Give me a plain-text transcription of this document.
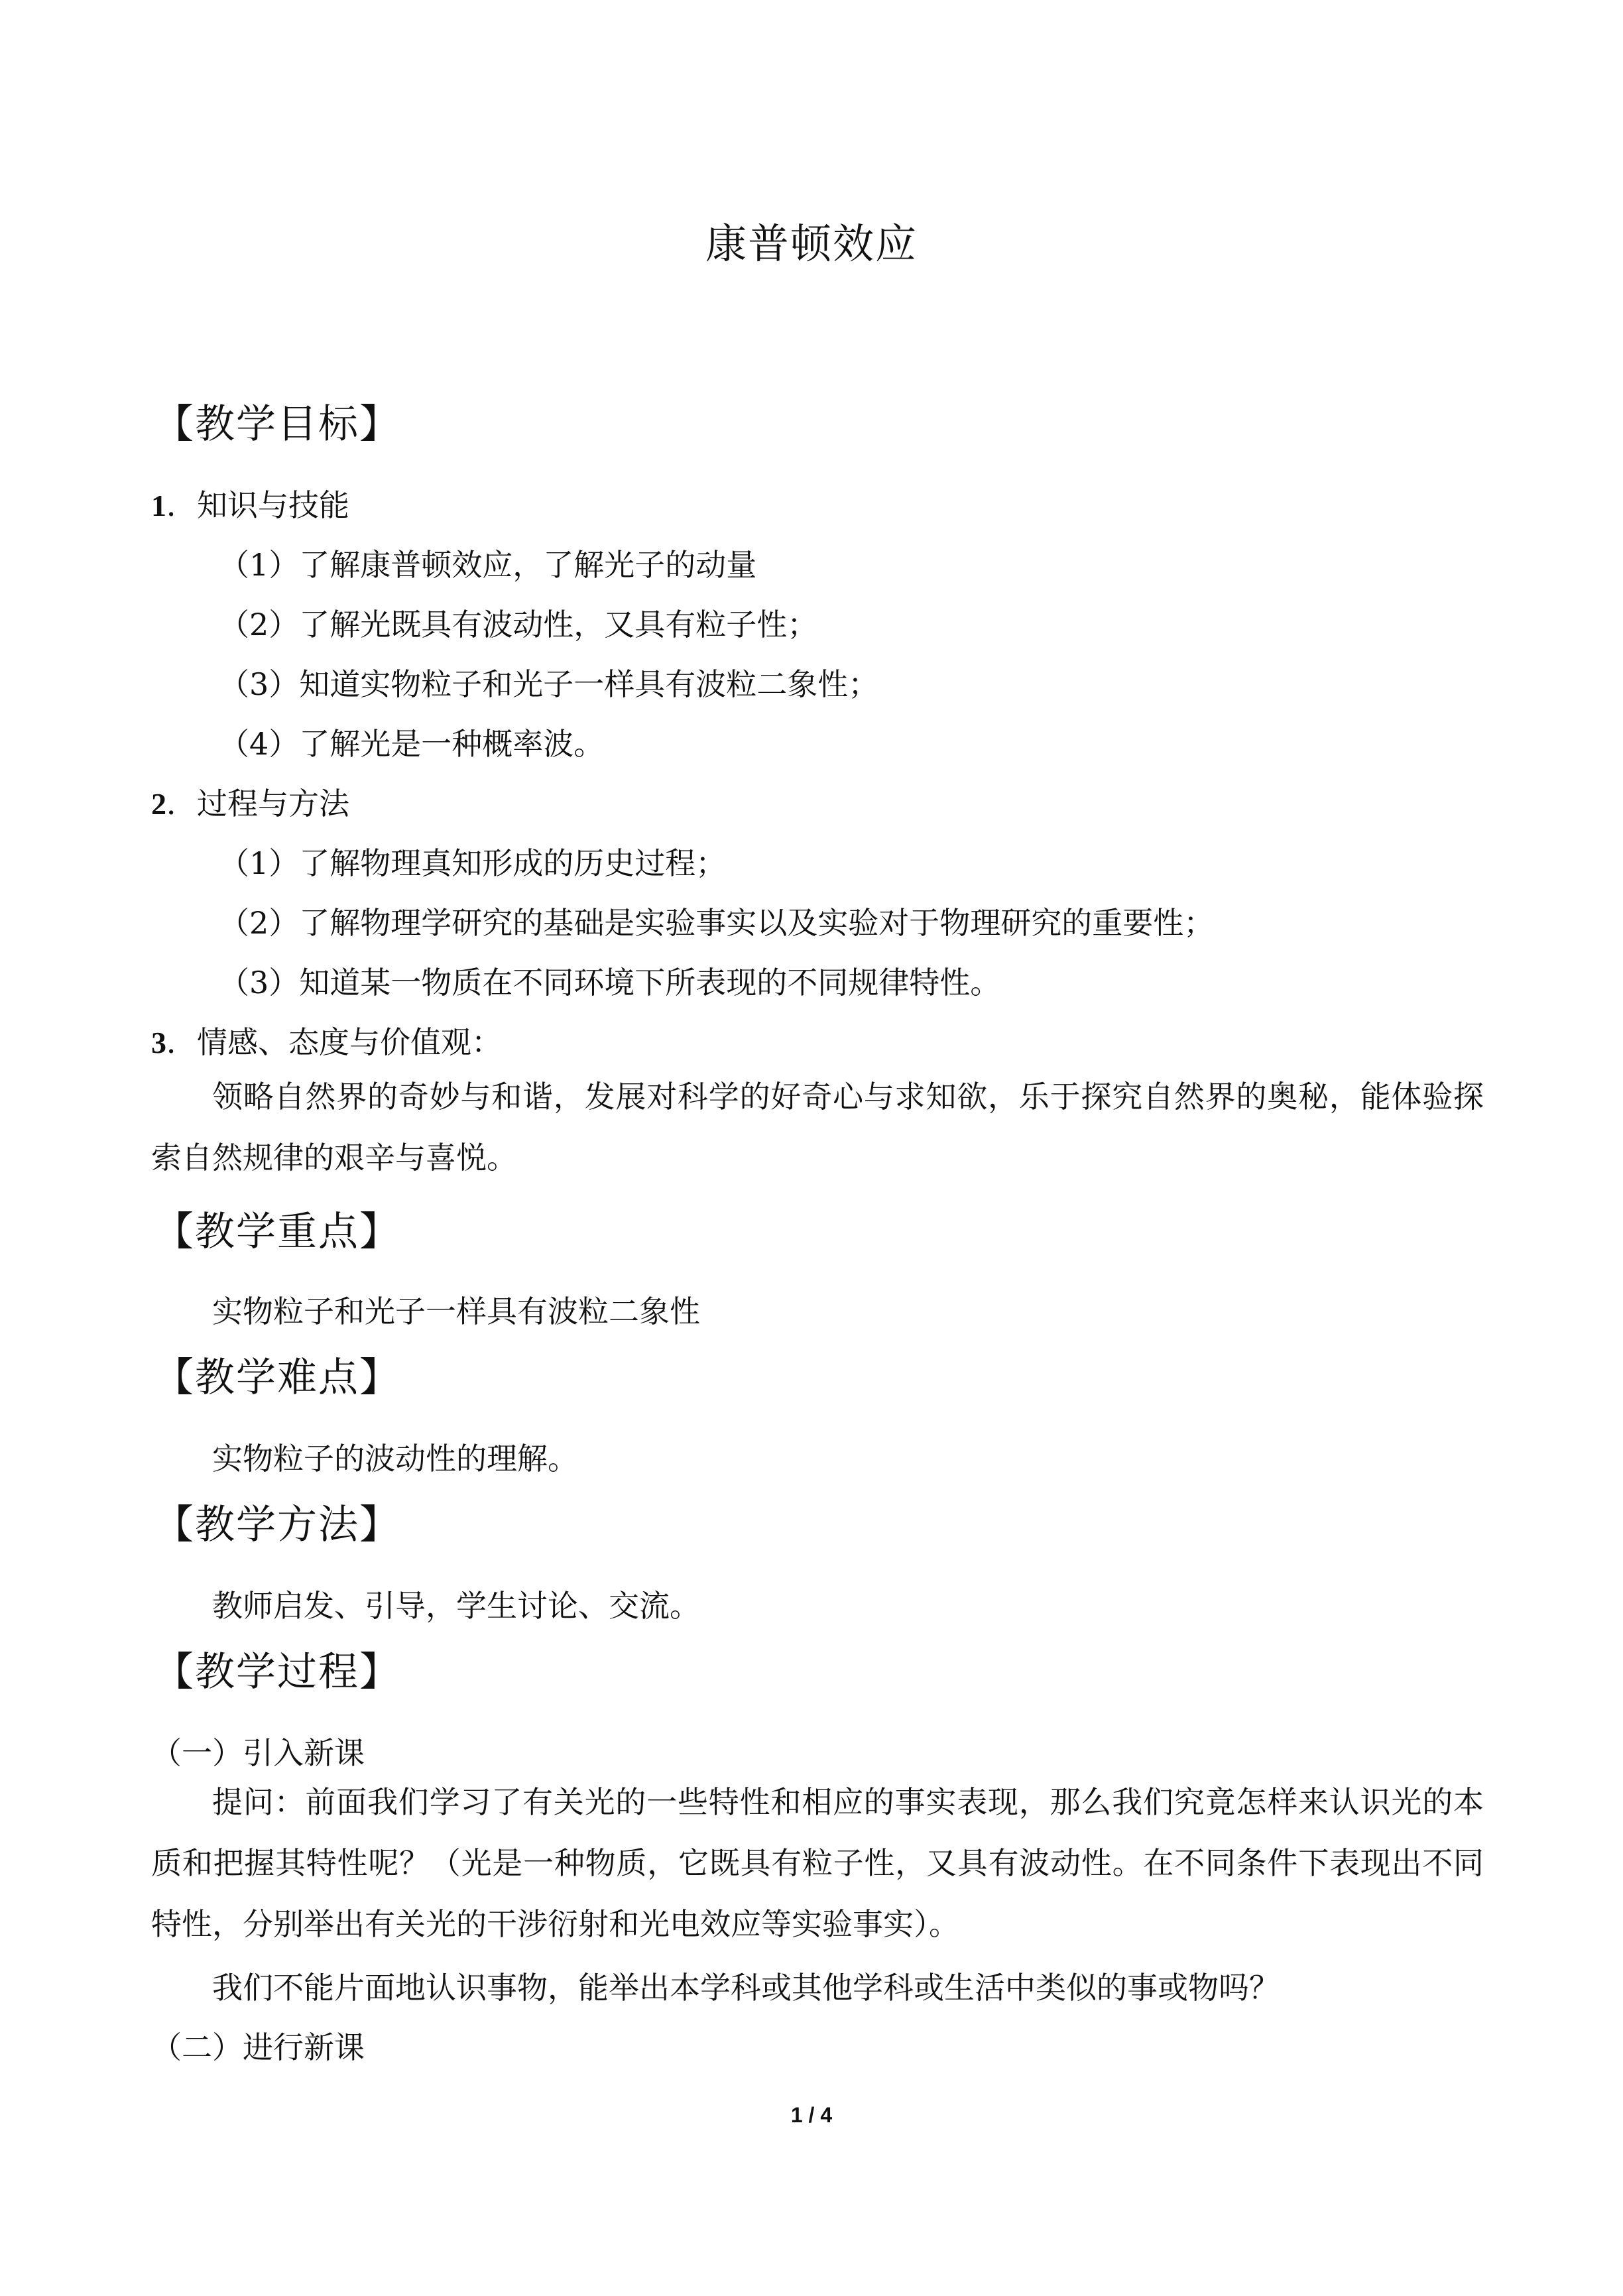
康普顿效应
【教学目标】
1．知识与技能
（1）了解康普顿效应，了解光子的动量
（2）了解光既具有波动性，又具有粒子性；
（3）知道实物粒子和光子一样具有波粒二象性；
（4）了解光是一种概率波。
2．过程与方法
（1）了解物理真知形成的历史过程；
（2）了解物理学研究的基础是实验事实以及实验对于物理研究的重要性；
（3）知道某一物质在不同环境下所表现的不同规律特性。
3．情感、态度与价值观：
领略自然界的奇妙与和谐，发展对科学的好奇心与求知欲，乐于探究自然界的奥秘，能体验探索自然规律的艰辛与喜悦。
【教学重点】
实物粒子和光子一样具有波粒二象性
【教学难点】
实物粒子的波动性的理解。
【教学方法】
教师启发、引导，学生讨论、交流。
【教学过程】
（一）引入新课
提问：前面我们学习了有关光的一些特性和相应的事实表现，那么我们究竟怎样来认识光的本质和把握其特性呢？（光是一种物质，它既具有粒子性，又具有波动性。在不同条件下表现出不同特性，分别举出有关光的干涉衍射和光电效应等实验事实）。
我们不能片面地认识事物，能举出本学科或其他学科或生活中类似的事或物吗？
（二）进行新课
1 / 4
